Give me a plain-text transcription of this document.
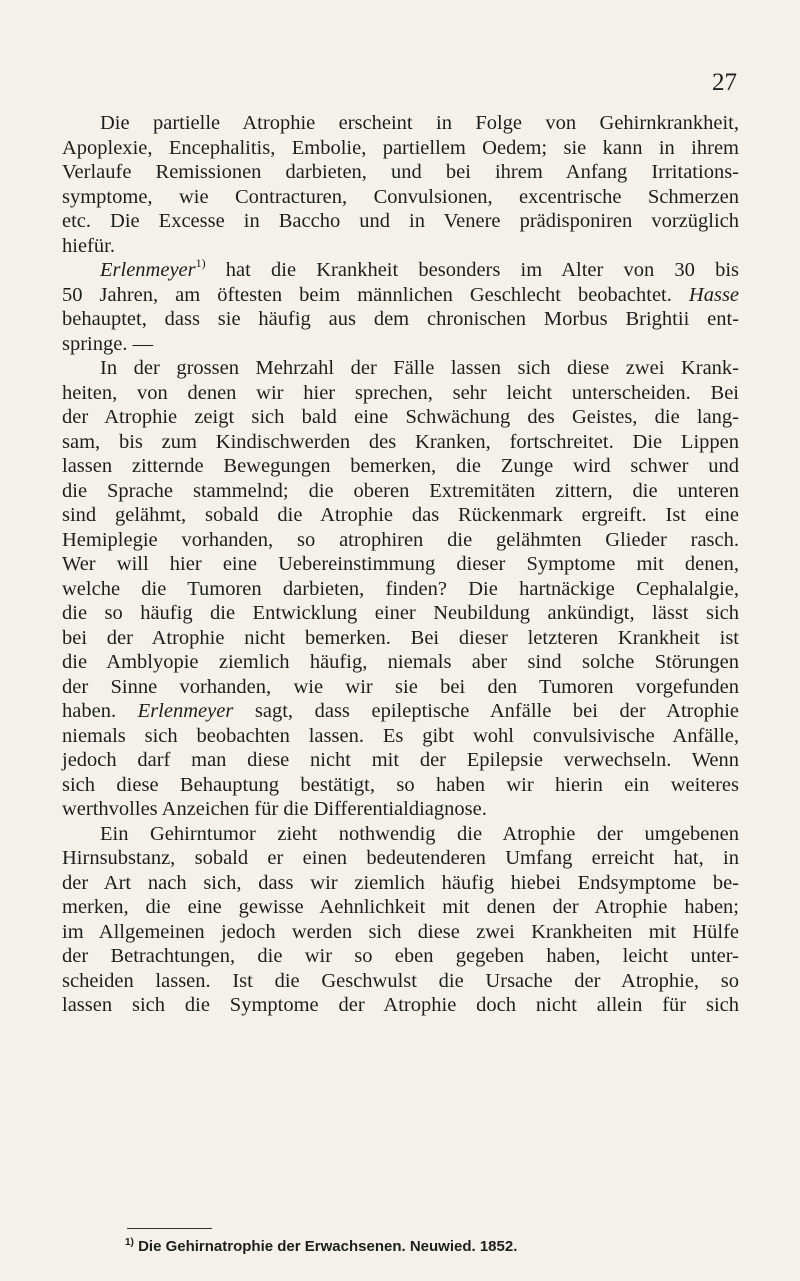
27
Die partielle Atrophie erscheint in Folge von Gehirnkrankheit,
Apoplexie, Encephalitis, Embolie, partiellem Oedem; sie kann in ihrem
Verlaufe Remissionen darbieten, und bei ihrem Anfang Irritations-
symptome, wie Contracturen, Convulsionen, excentrische Schmerzen
etc. Die Excesse in Baccho und in Venere prädisponiren vorzüglich
hiefür.
Erlenmeyer$^{1)}$ hat die Krankheit besonders im Alter von 30 bis
50 Jahren, am öftesten beim männlichen Geschlecht beobachtet. Hasse
behauptet, dass sie häufig aus dem chronischen Morbus Brightii ent-
springe. —
In der grossen Mehrzahl der Fälle lassen sich diese zwei Krank-
heiten, von denen wir hier sprechen, sehr leicht unterscheiden. Bei
der Atrophie zeigt sich bald eine Schwächung des Geistes, die lang-
sam, bis zum Kindischwerden des Kranken, fortschreitet. Die Lippen
lassen zitternde Bewegungen bemerken, die Zunge wird schwer und
die Sprache stammelnd; die oberen Extremitäten zittern, die unteren
sind gelähmt, sobald die Atrophie das Rückenmark ergreift. Ist eine
Hemiplegie vorhanden, so atrophiren die gelähmten Glieder rasch.
Wer will hier eine Uebereinstimmung dieser Symptome mit denen,
welche die Tumoren darbieten, finden? Die hartnäckige Cephalalgie,
die so häufig die Entwicklung einer Neubildung ankündigt, lässt sich
bei der Atrophie nicht bemerken. Bei dieser letzteren Krankheit ist
die Amblyopie ziemlich häufig, niemals aber sind solche Störungen
der Sinne vorhanden, wie wir sie bei den Tumoren vorgefunden
haben. Erlenmeyer sagt, dass epileptische Anfälle bei der Atrophie
niemals sich beobachten lassen. Es gibt wohl convulsivische Anfälle,
jedoch darf man diese nicht mit der Epilepsie verwechseln. Wenn
sich diese Behauptung bestätigt, so haben wir hierin ein weiteres
werthvolles Anzeichen für die Differentialdiagnose.
Ein Gehirntumor zieht nothwendig die Atrophie der umgebenen
Hirnsubstanz, sobald er einen bedeutenderen Umfang erreicht hat, in
der Art nach sich, dass wir ziemlich häufig hiebei Endsymptome be-
merken, die eine gewisse Aehnlichkeit mit denen der Atrophie haben;
im Allgemeinen jedoch werden sich diese zwei Krankheiten mit Hülfe
der Betrachtungen, die wir so eben gegeben haben, leicht unter-
scheiden lassen. Ist die Geschwulst die Ursache der Atrophie, so
lassen sich die Symptome der Atrophie doch nicht allein für sich
$^{1)}$ Die Gehirnatrophie der Erwachsenen. Neuwied. 1852.
